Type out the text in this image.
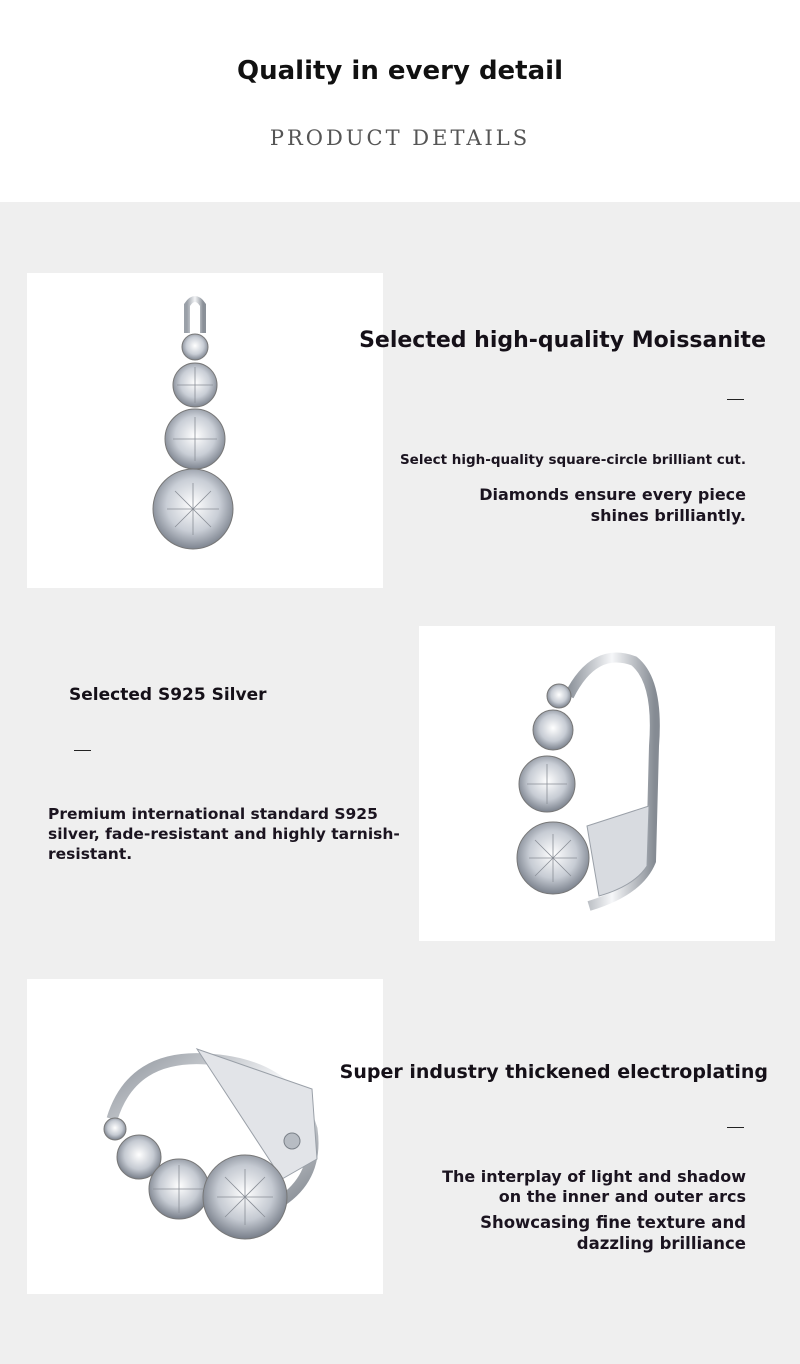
Quality in every detail
PRODUCT DETAILS
Selected high-quality Moissanite
Select high-quality square-circle brilliant cut.
Diamonds ensure every piece
shines brilliantly.
Selected S925 Silver
Premium international standard S925
silver, fade-resistant and highly tarnish-
resistant.
Super industry thickened electroplating
The interplay of light and shadow
on the inner and outer arcs
Showcasing fine texture and
dazzling brilliance
